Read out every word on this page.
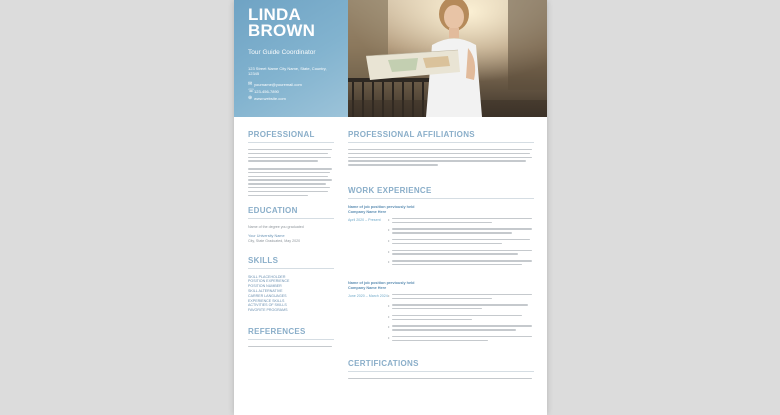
LINDA
BROWN
Tour Guide Coordinator
123 Street Name City Name, State, Country, 12345
✉ yourname@youremail.com
☏ 123-456-7890
⊕ www.website.com
PROFESSIONAL
EDUCATION
Name of the degree you graduated
Your University Name
City, State Graduated, May 2020
SKILLS
SKILL PLACEHOLDER
POSITION EXPERIENCE
POSITION NUMBER
SKILL ALTERNATIVE
CARRER LANGUAGES
EXPERIENCE SKILLS
ACTIVITIES OF SKILLS
FAVORITE PROGRAMS
REFERENCES
PROFESSIONAL AFFILIATIONS
WORK EXPERIENCE
Name of job position previously held
Company Name Here
April 2020 – Present	•
•
•
•
•
Name of job position previously held
Company Name Here
June 2020 – March 2024 •
•
•
•
•
CERTIFICATIONS
